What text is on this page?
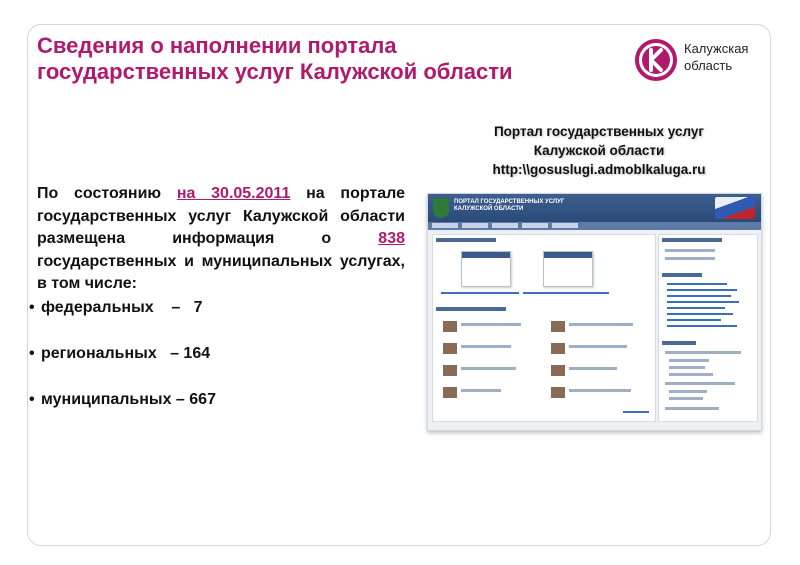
Сведения о наполнении портала
государственных услуг Калужской области
Калужская
область
Портал государственных услуг
Калужской области
http:\\gosuslugi.admoblkaluga.ru
По состоянию на 30.05.2011 на портале государственных услуг Калужской области размещена информация о 838 государственных и муниципальных услугах, в том числе:
• федеральных    –   7
• региональных   – 164
• муниципальных – 667
ПОРТАЛ ГОСУДАРСТВЕННЫХ УСЛУГ
КАЛУЖСКОЙ ОБЛАСТИ
